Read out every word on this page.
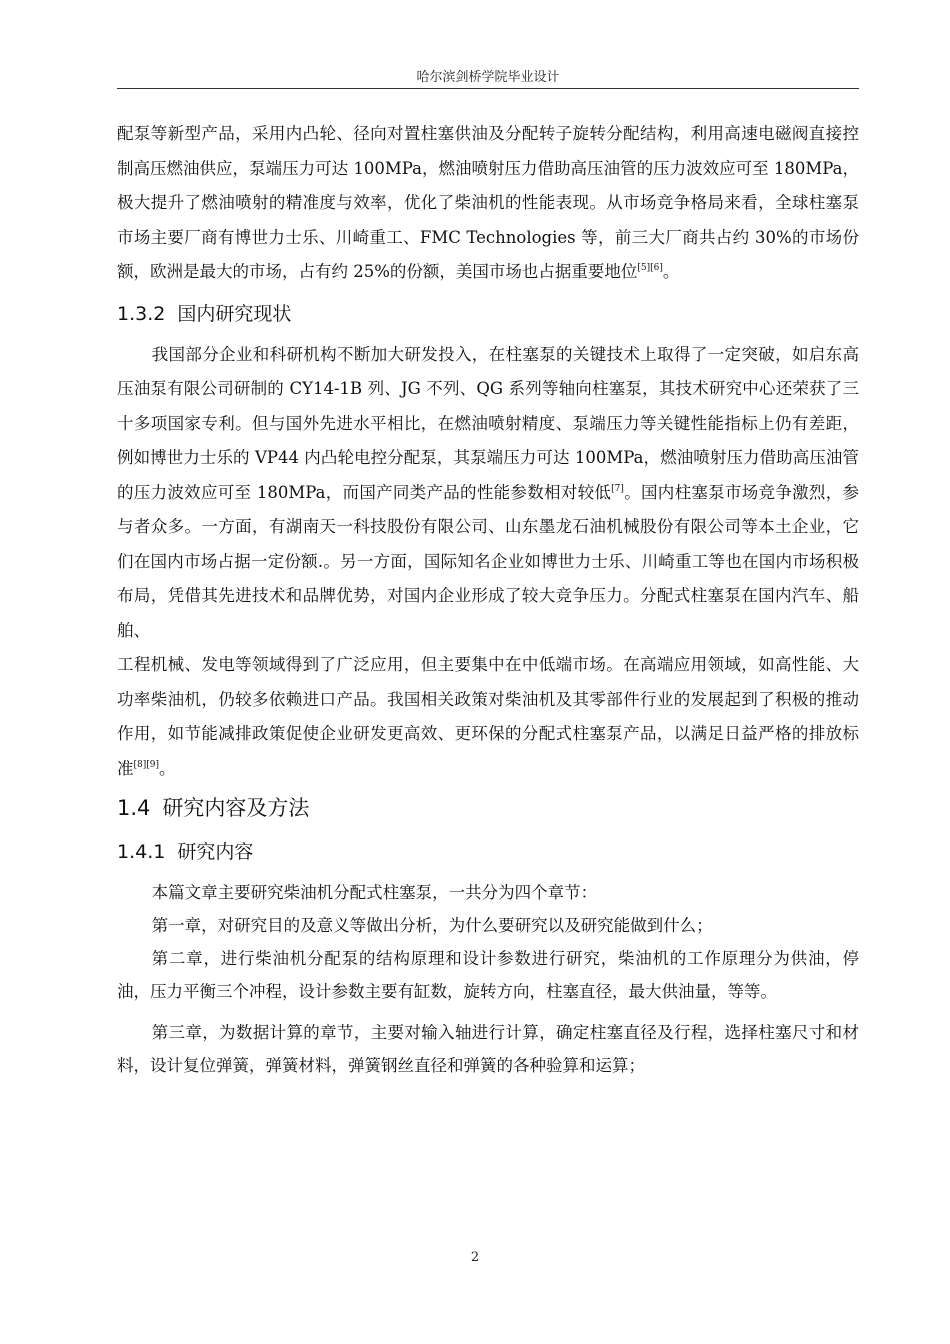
哈尔滨剑桥学院毕业设计

配泵等新型产品，采用内凸轮、径向对置柱塞供油及分配转子旋转分配结构，利用高速电磁阀直接控制高压燃油供应，泵端压力可达 100MPa，燃油喷射压力借助高压油管的压力波效应可至 180MPa，极大提升了燃油喷射的精准度与效率，优化了柴油机的性能表现。从市场竞争格局来看，全球柱塞泵市场主要厂商有博世力士乐、川崎重工、FMC Technologies 等，前三大厂商共占约 30%的市场份额，欧洲是最大的市场，占有约 25%的份额，美国市场也占据重要地位[5][6]。

1.3.2 国内研究现状

我国部分企业和科研机构不断加大研发投入，在柱塞泵的关键技术上取得了一定突破，如启东高压油泵有限公司研制的 CY14-1B 列、JG 不列、QG 系列等轴向柱塞泵，其技术研究中心还荣获了三十多项国家专利。但与国外先进水平相比，在燃油喷射精度、泵端压力等关键性能指标上仍有差距，例如博世力士乐的 VP44 内凸轮电控分配泵，其泵端压力可达 100MPa，燃油喷射压力借助高压油管的压力波效应可至 180MPa，而国产同类产品的性能参数相对较低[7]。国内柱塞泵市场竞争激烈，参与者众多。一方面，有湖南天一科技股份有限公司、山东墨龙石油机械股份有限公司等本土企业，它们在国内市场占据一定份额.。另一方面，国际知名企业如博世力士乐、川崎重工等也在国内市场积极布局，凭借其先进技术和品牌优势，对国内企业形成了较大竞争压力。分配式柱塞泵在国内汽车、船舶、

工程机械、发电等领域得到了广泛应用，但主要集中在中低端市场。在高端应用领域，如高性能、大功率柴油机，仍较多依赖进口产品。我国相关政策对柴油机及其零部件行业的发展起到了积极的推动作用，如节能减排政策促使企业研发更高效、更环保的分配式柱塞泵产品，以满足日益严格的排放标准[8][9]。

1.4 研究内容及方法
1.4.1 研究内容

本篇文章主要研究柴油机分配式柱塞泵，一共分为四个章节：

第一章，对研究目的及意义等做出分析，为什么要研究以及研究能做到什么；

第二章，进行柴油机分配泵的结构原理和设计参数进行研究，柴油机的工作原理分为供油，停油，压力平衡三个冲程，设计参数主要有缸数，旋转方向，柱塞直径，最大供油量，等等。

第三章，为数据计算的章节，主要对输入轴进行计算，确定柱塞直径及行程，选择柱塞尺寸和材料，设计复位弹簧，弹簧材料，弹簧钢丝直径和弹簧的各种验算和运算；

2
